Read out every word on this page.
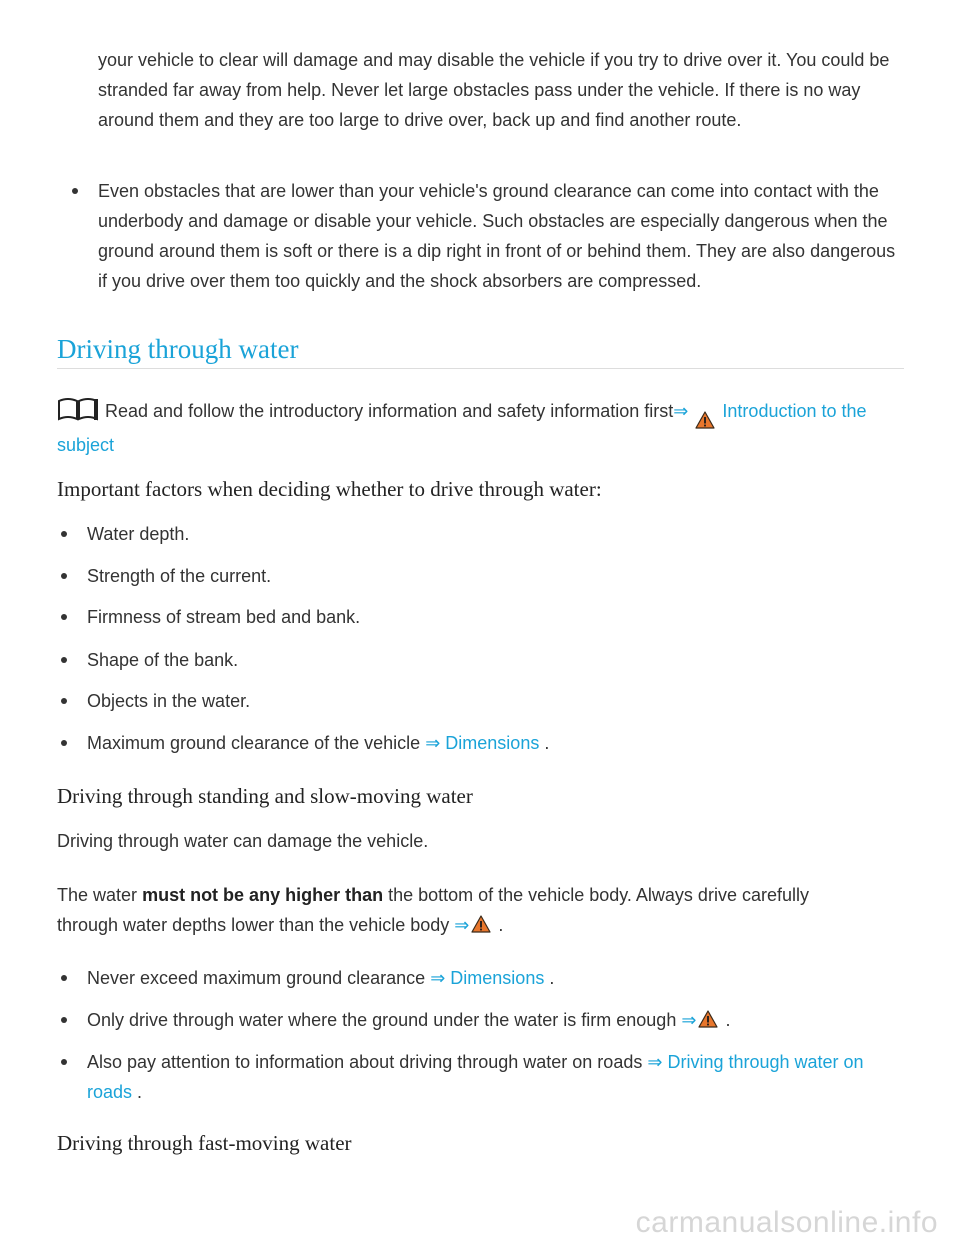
your vehicle to clear will damage and may disable the vehicle if you try to drive over it. You could be stranded far away from help. Never let large obstacles pass under the vehicle. If there is no way around them and they are too large to drive over, back up and find another route.

Even obstacles that are lower than your vehicle's ground clearance can come into contact with the underbody and damage or disable your vehicle. Such obstacles are especially dangerous when the ground around them is soft or there is a dip right in front of or behind them. They are also dangerous if you drive over them too quickly and the shock absorbers are compressed.
Driving through water

Read and follow the introductory information and safety information first⇒ Introduction to the subject

Important factors when deciding whether to drive through water:
Water depth.
Strength of the current.
Firmness of stream bed and bank.
Shape of the bank.
Objects in the water.
Maximum ground clearance of the vehicle ⇒ Dimensions .
Driving through standing and slow-moving water

Driving through water can damage the vehicle.

The water must not be any higher than the bottom of the vehicle body. Always drive carefully through water depths lower than the vehicle body ⇒ .

Never exceed maximum ground clearance ⇒ Dimensions .
Only drive through water where the ground under the water is firm enough ⇒ .
Also pay attention to information about driving through water on roads ⇒ Driving through water on roads .
Driving through fast-moving water
carmanualsonline.info
